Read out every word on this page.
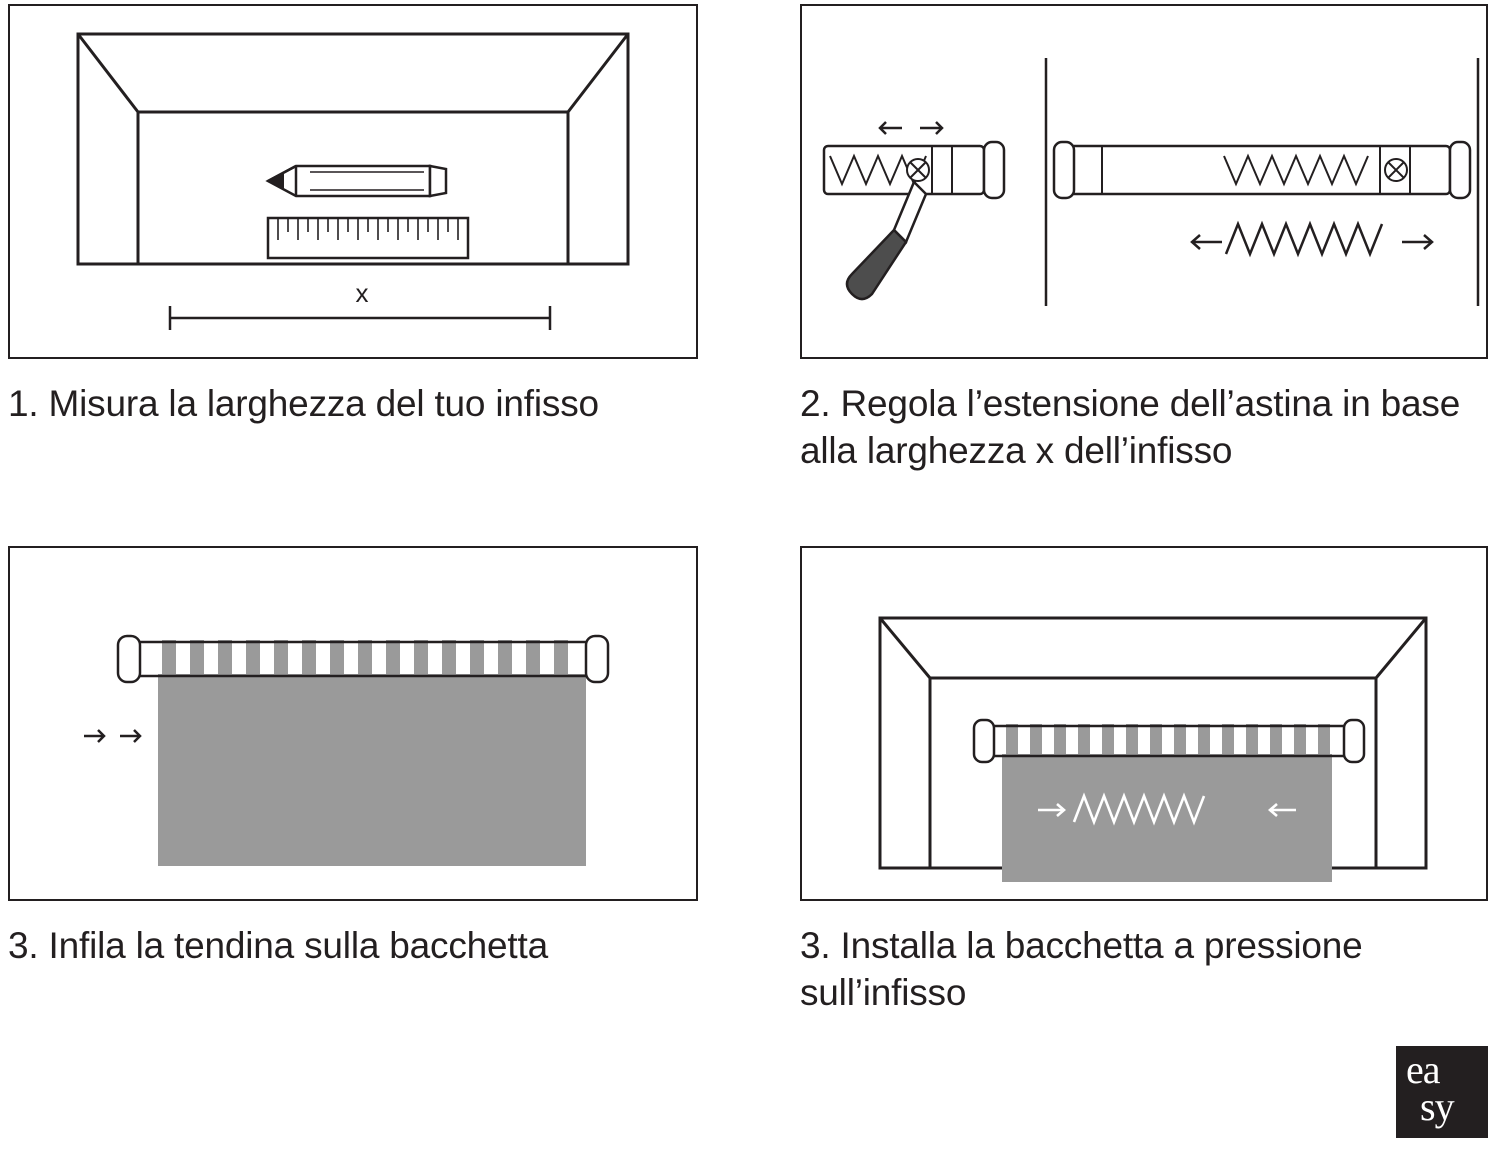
x
1. Misura la larghezza del tuo infisso	2. Regola l’estensione dell’astina in base alla larghezza x dell’infisso
3. Infila la tendina sulla bacchetta	3. Installa la bacchetta a pressione sull’infisso
ea
sy
